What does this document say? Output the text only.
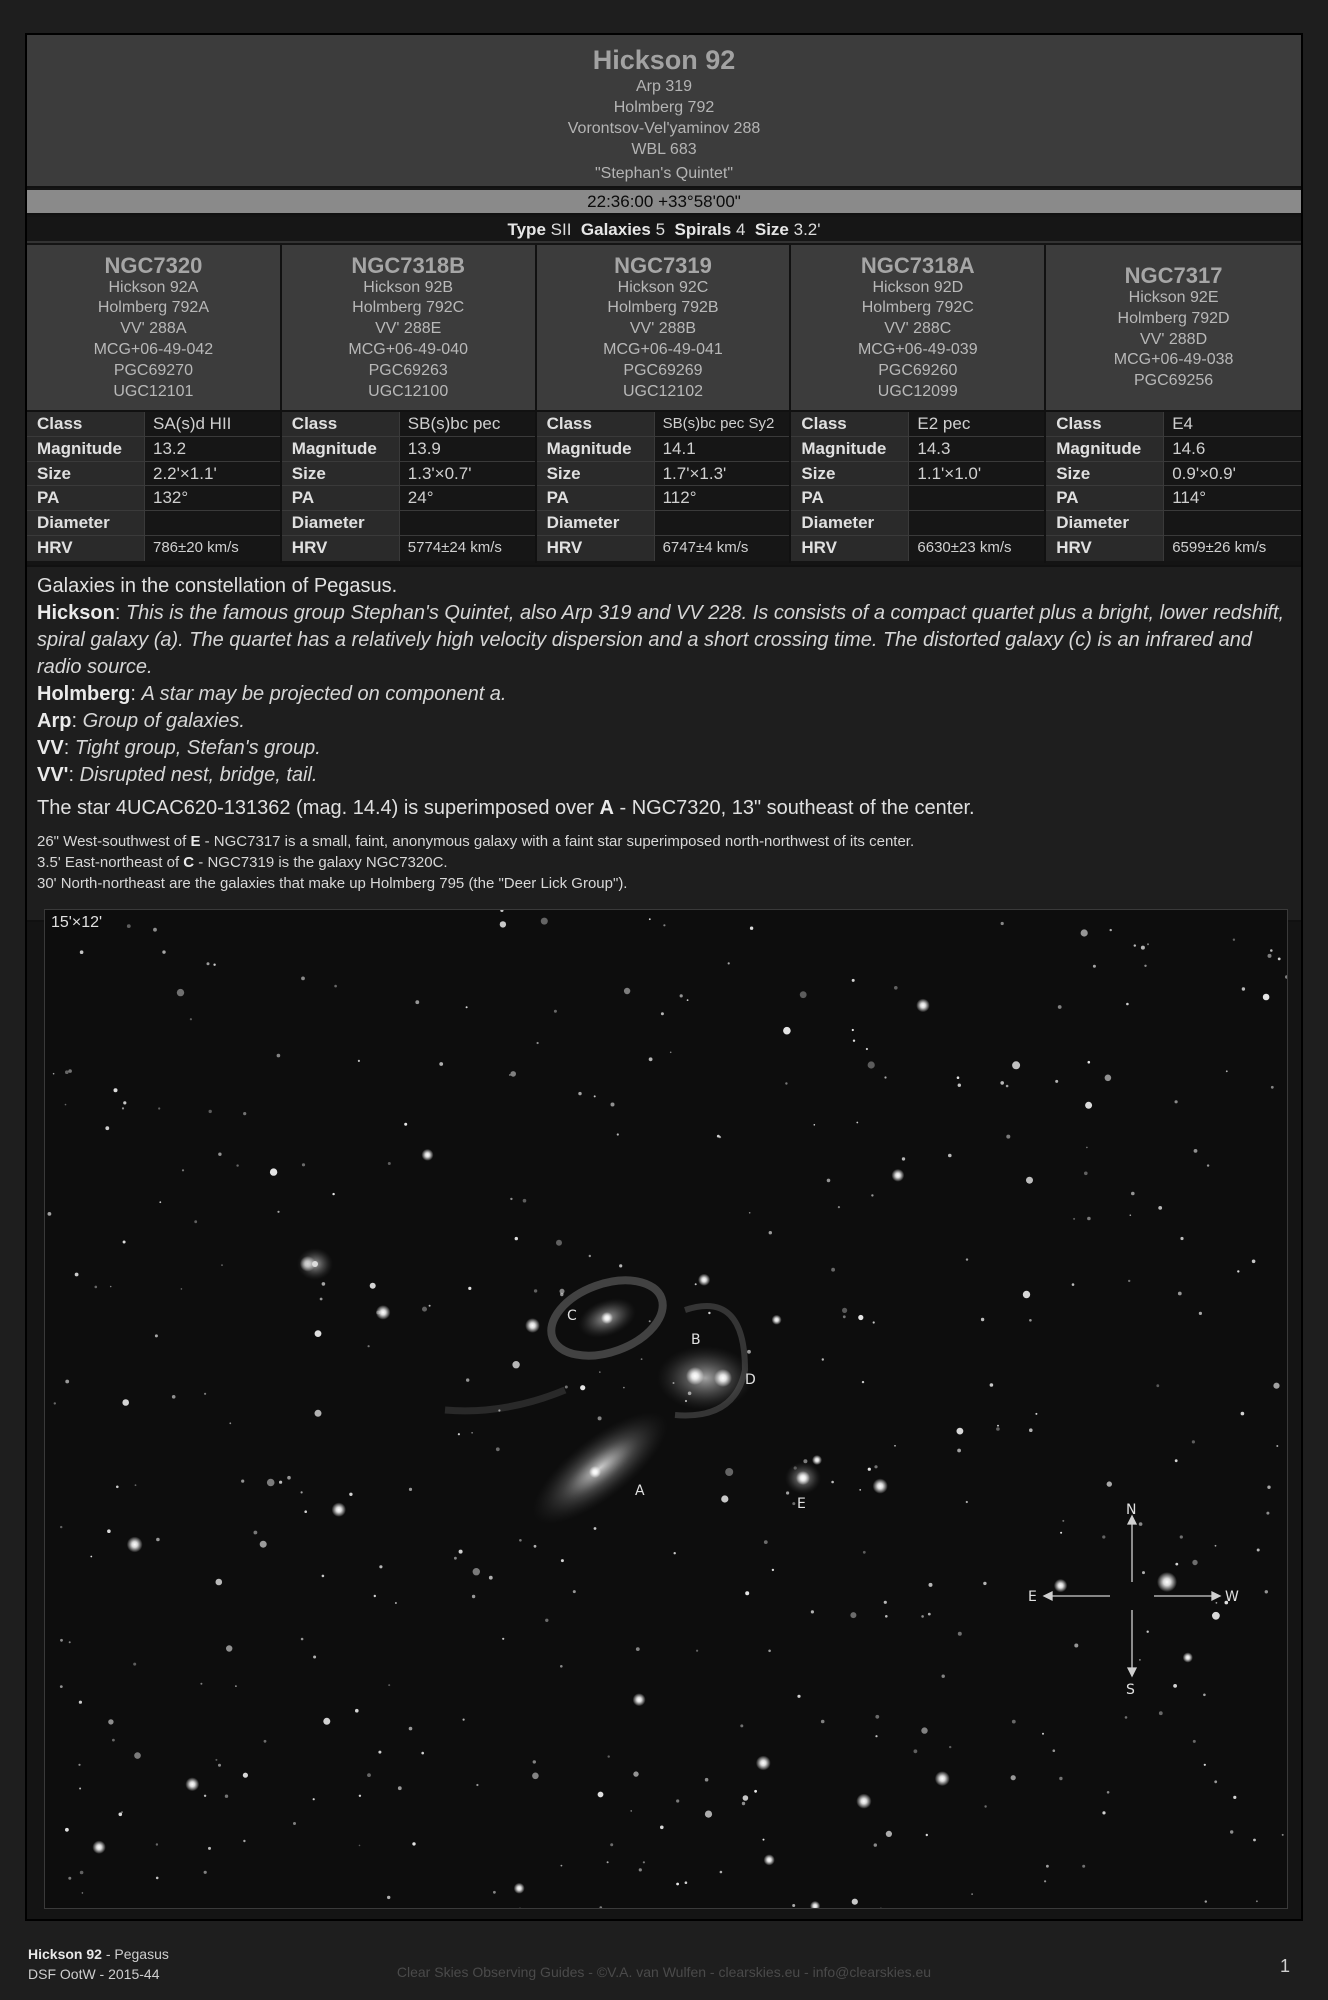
Hickson 92
Arp 319
Holmberg 792
Vorontsov-Vel'yaminov 288
WBL 683
"Stephan's Quintet"
22:36:00 +33°58'00"
Type SII Galaxies 5 Spirals 4 Size 3.2'
NGC7320
Hickson 92A
Holmberg 792A
VV' 288A
MCG+06-49-042
PGC69270
UGC12101
Class	SA(s)d HII
Magnitude	13.2
Size	2.2'×1.1'
PA	132°
Diameter
HRV	786±20 km/s
NGC7318B
Hickson 92B
Holmberg 792C
VV' 288E
MCG+06-49-040
PGC69263
UGC12100
Class	SB(s)bc pec
Magnitude	13.9
Size	1.3'×0.7'
PA	24°
Diameter
HRV	5774±24 km/s
NGC7319
Hickson 92C
Holmberg 792B
VV' 288B
MCG+06-49-041
PGC69269
UGC12102
Class	SB(s)bc pec Sy2
Magnitude	14.1
Size	1.7'×1.3'
PA	112°
Diameter
HRV	6747±4 km/s
NGC7318A
Hickson 92D
Holmberg 792C
VV' 288C
MCG+06-49-039
PGC69260
UGC12099
Class	E2 pec
Magnitude	14.3
Size	1.1'×1.0'
PA
Diameter
HRV	6630±23 km/s
NGC7317
Hickson 92E
Holmberg 792D
VV' 288D
MCG+06-49-038
PGC69256
Class	E4
Magnitude	14.6
Size	0.9'×0.9'
PA	114°
Diameter
HRV	6599±26 km/s

Galaxies in the constellation of Pegasus.

Hickson: This is the famous group Stephan's Quintet, also Arp 319 and VV 228. Is consists of a compact quartet plus a bright, lower redshift, spiral galaxy (a). The quartet has a relatively high velocity dispersion and a short crossing time. The distorted galaxy (c) is an infrared and radio source.

Holmberg: A star may be projected on component a.

Arp: Group of galaxies.

VV: Tight group, Stefan's group.

VV': Disrupted nest, bridge, tail.

The star 4UCAC620-131362 (mag. 14.4) is superimposed over A - NGC7320, 13" southeast of the center.

26" West-southwest of E - NGC7317 is a small, faint, anonymous galaxy with a faint star superimposed north-northwest of its center.

3.5' East-northeast of C - NGC7319 is the galaxy NGC7320C.

30' North-northeast are the galaxies that make up Holmberg 795 (the "Deer Lick Group").

C
B
D
A
E	N
S
E	W
15'×12'
Hickson 92 - Pegasus
DSF OotW - 2015-44	Clear Skies Observing Guides - ©V.A. van Wulfen - clearskies.eu - info@clearskies.eu	1
